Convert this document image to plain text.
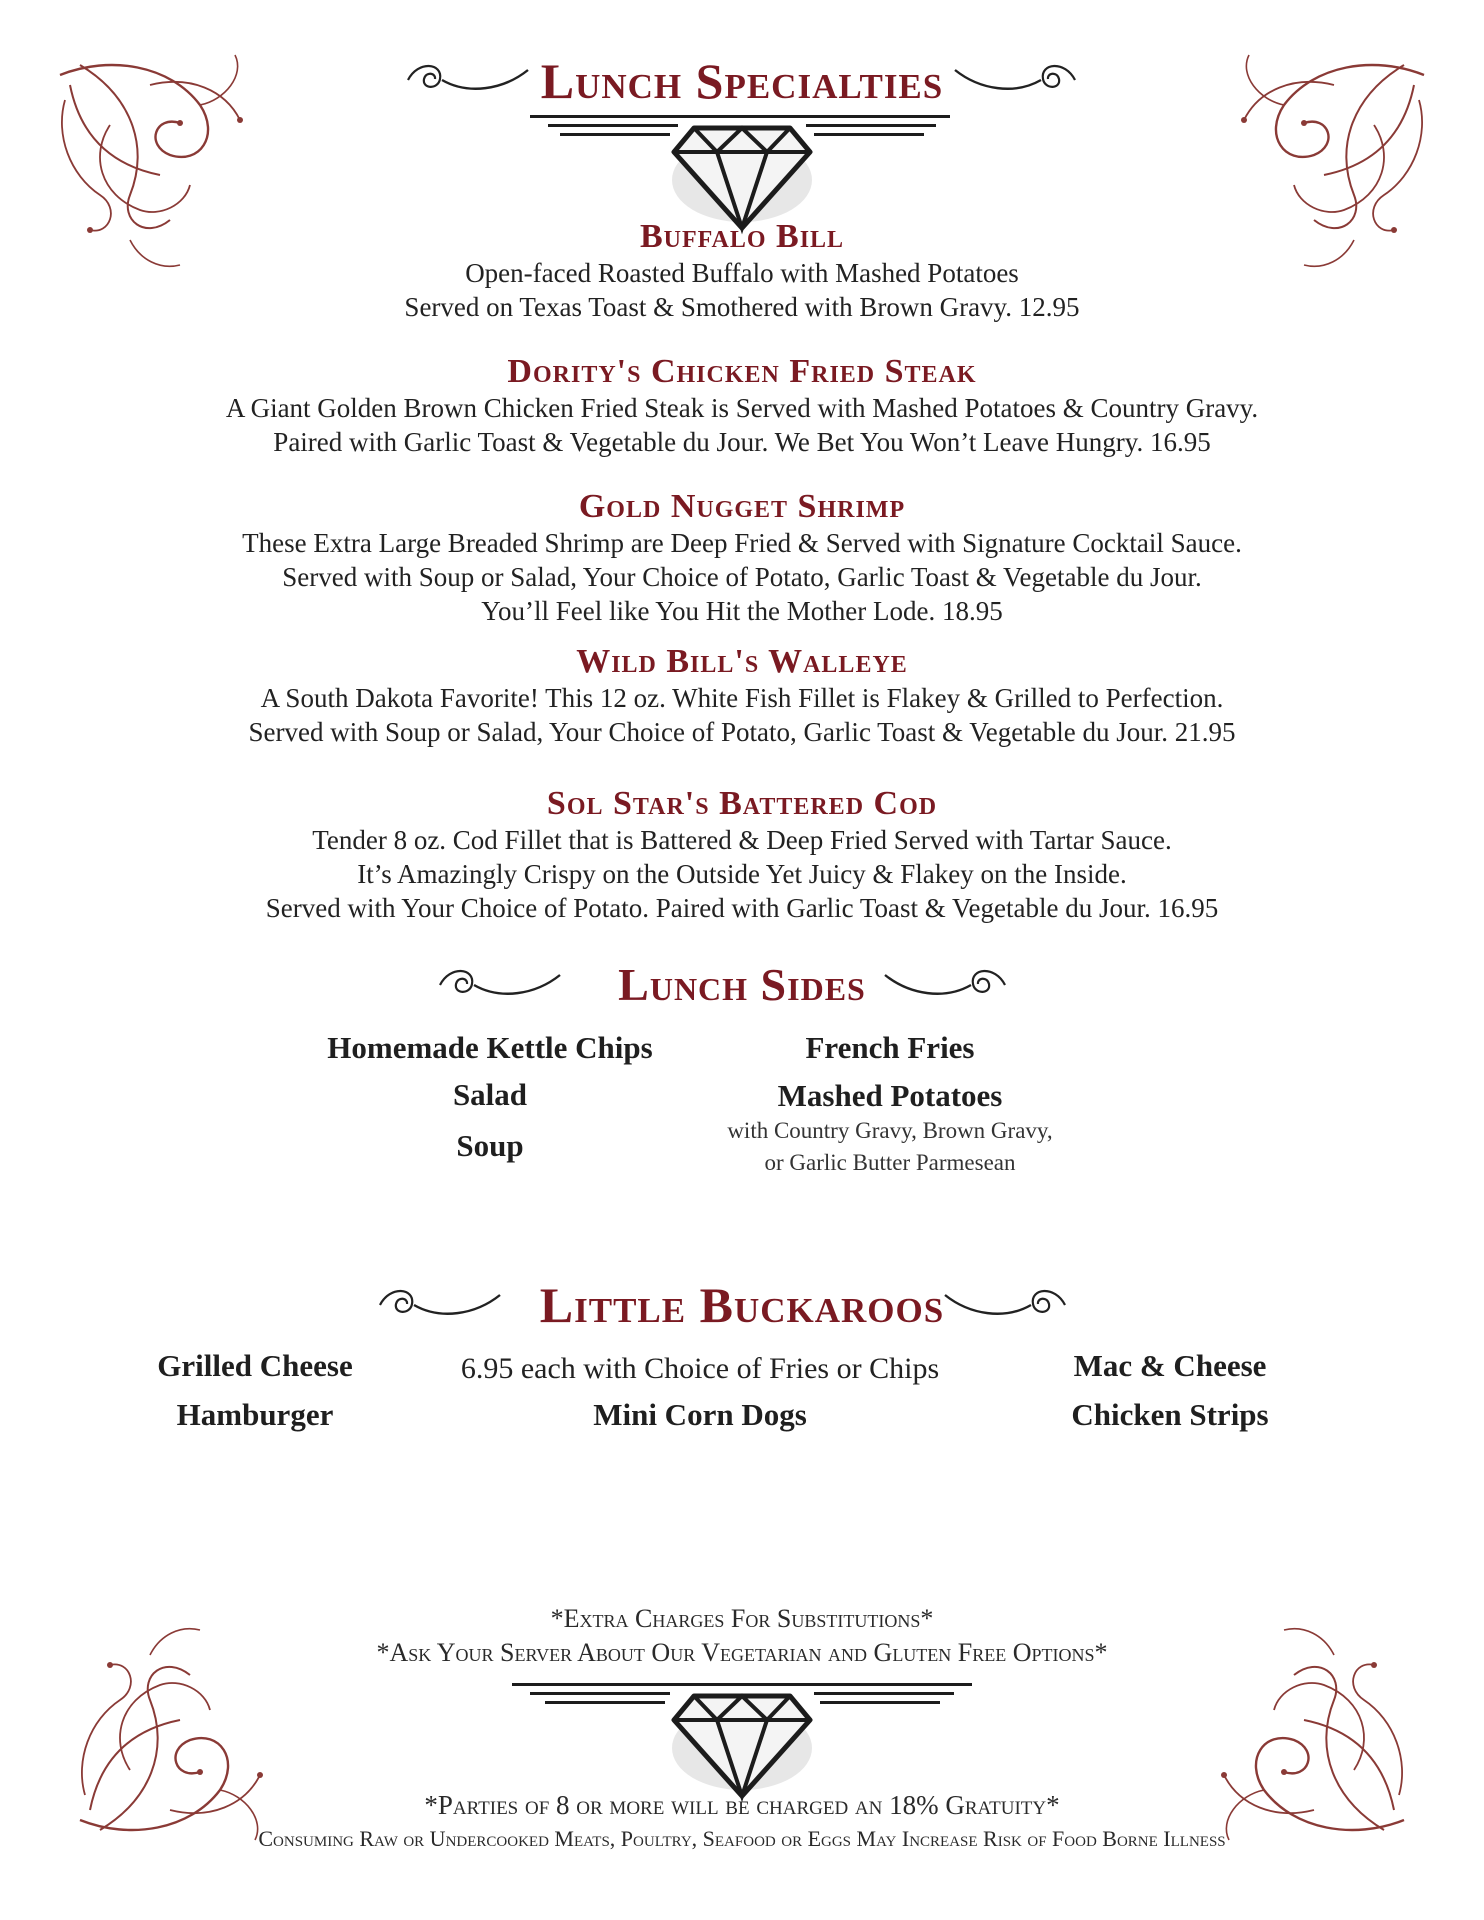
Lunch Specialties
Buffalo Bill
Open-faced Roasted Buffalo with Mashed Potatoes
Served on Texas Toast & Smothered with Brown Gravy. 12.95
Dority's Chicken Fried Steak
A Giant Golden Brown Chicken Fried Steak is Served with Mashed Potatoes & Country Gravy.
Paired with Garlic Toast & Vegetable du Jour. We Bet You Won’t Leave Hungry. 16.95
Gold Nugget Shrimp
These Extra Large Breaded Shrimp are Deep Fried & Served with Signature Cocktail Sauce.
Served with Soup or Salad, Your Choice of Potato, Garlic Toast & Vegetable du Jour.
You’ll Feel like You Hit the Mother Lode. 18.95
Wild Bill's Walleye
A South Dakota Favorite! This 12 oz. White Fish Fillet is Flakey & Grilled to Perfection.
Served with Soup or Salad, Your Choice of Potato, Garlic Toast & Vegetable du Jour. 21.95
Sol Star's Battered Cod
Tender 8 oz. Cod Fillet that is Battered & Deep Fried Served with Tartar Sauce.
It’s Amazingly Crispy on the Outside Yet Juicy & Flakey on the Inside.
Served with Your Choice of Potato. Paired with Garlic Toast & Vegetable du Jour. 16.95
Lunch Sides
Homemade Kettle Chips
Salad
Soup
French Fries
Mashed Potatoes
with Country Gravy, Brown Gravy,
or Garlic Butter Parmesean
Little Buckaroos
Grilled Cheese
Hamburger
6.95 each with Choice of Fries or Chips
Mini Corn Dogs
Mac & Cheese
Chicken Strips
*Extra Charges For Substitutions*
*Ask Your Server About Our Vegetarian and Gluten Free Options*
*Parties of 8 or more will be charged an 18% Gratuity*
Consuming Raw or Undercooked Meats, Poultry, Seafood or Eggs May Increase Risk of Food Borne Illness
